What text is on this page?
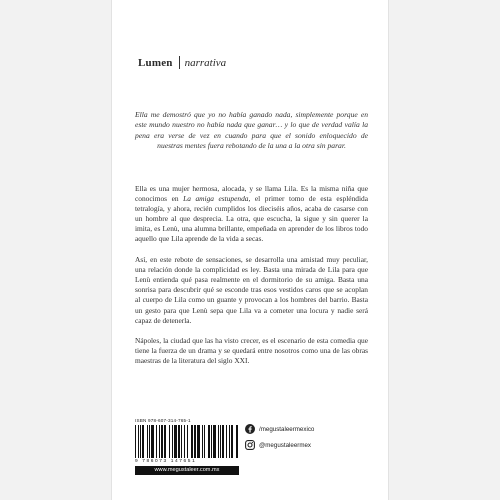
Lumen narrativa
Ella me demostró que yo no había ganado nada, simplemente porque en este mundo nuestro no había nada que ganar… y lo que de verdad valía la pena era verse de vez en cuando para que el sonido enloquecido de nuestras mentes fuera rebotando de la una a la otra sin parar.

Ella es una mujer hermosa, alocada, y se llama Lila. Es la misma niña que conocimos en La amiga estupenda, el primer tomo de esta espléndida tetralogía, y ahora, recién cumplidos los dieciséis años, acaba de casarse con un hombre al que desprecia. La otra, que escucha, la sigue y sin querer la imita, es Lenù, una alumna brillante, empeñada en aprender de los libros todo aquello que Lila aprende de la vida a secas.

Así, en este rebote de sensaciones, se desarrolla una amistad muy peculiar, una relación donde la complicidad es ley. Basta una mirada de Lila para que Lenù entienda qué pasa realmente en el dormitorio de su amiga. Basta una sonrisa para descubrir qué se esconde tras esos vestidos caros que se acoplan al cuerpo de Lila como un guante y provocan a los hombres del barrio. Basta un gesto para que Lenù sepa que Lila va a cometer una locura y nadie será capaz de detenerla.

Nápoles, la ciudad que las ha visto crecer, es el escenario de esta comedia que tiene la fuerza de un drama y se quedará entre nosotros como una de las obras maestras de la literatura del siglo XXI.

ISBN 978-607-314-765-1
9 786073 147651
www.megustaleer.com.mx
/megustaleermexico
@megustaleermex
